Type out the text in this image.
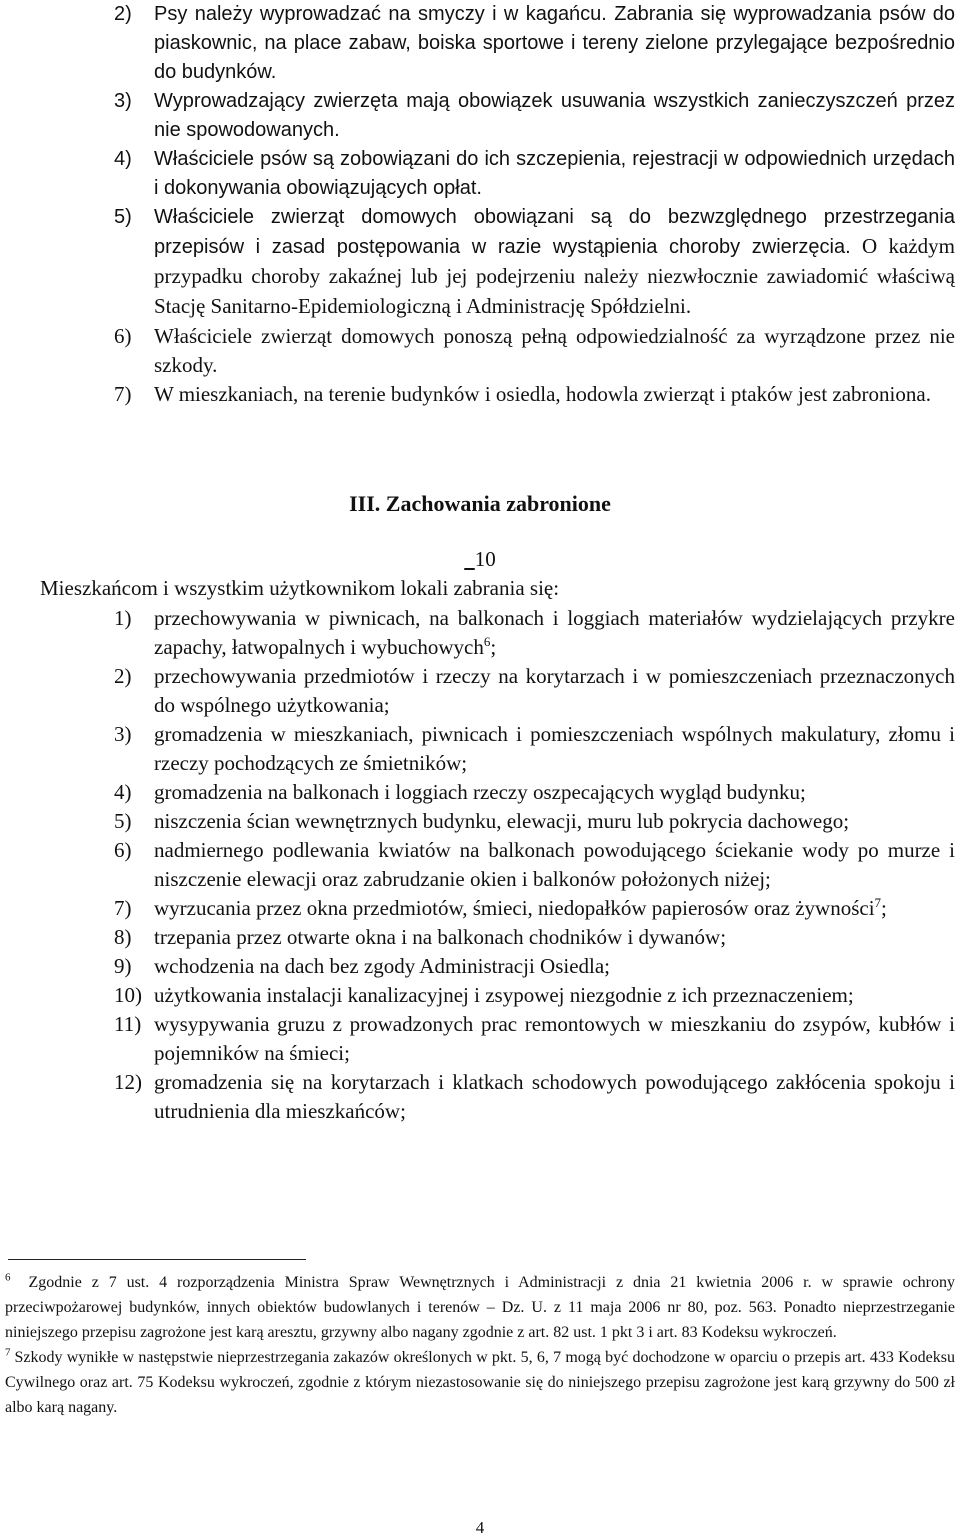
2) Psy należy wyprowadzać na smyczy i w kagańcu. Zabrania się wyprowadzania psów do piaskownic, na place zabaw, boiska sportowe i tereny zielone przylegające bezpośrednio do budynków.
3) Wyprowadzający zwierzęta mają obowiązek usuwania wszystkich zanieczyszczeń przez nie spowodowanych.
4) Właściciele psów są zobowiązani do ich szczepienia, rejestracji w odpowiednich urzędach i dokonywania obowiązujących opłat.
5) Właściciele zwierząt domowych obowiązani są do bezwzględnego przestrzegania przepisów i zasad postępowania w razie wystąpienia choroby zwierzęcia. O każdym przypadku choroby zakaźnej lub jej podejrzeniu należy niezwłocznie zawiadomić właściwą Stację Sanitarno-Epidemiologiczną i Administrację Spółdzielni.
6) Właściciele zwierząt domowych ponoszą pełną odpowiedzialność za wyrządzone przez nie szkody.
7) W mieszkaniach, na terenie budynków i osiedla, hodowla zwierząt i ptaków jest zabroniona.
III. Zachowania zabronione
10
Mieszkańcom i wszystkim użytkownikom lokali zabrania się:
1) przechowywania w piwnicach, na balkonach i loggiach materiałów wydzielających przykre zapachy, łatwopalnych i wybuchowych$^6$;
2) przechowywania przedmiotów i rzeczy na korytarzach i w pomieszczeniach przeznaczonych do wspólnego użytkowania;
3) gromadzenia w mieszkaniach, piwnicach i pomieszczeniach wspólnych makulatury, złomu i rzeczy pochodzących ze śmietników;
4) gromadzenia na balkonach i loggiach rzeczy oszpecających wygląd budynku;
5) niszczenia ścian wewnętrznych budynku, elewacji, muru lub pokrycia dachowego;
6) nadmiernego podlewania kwiatów na balkonach powodującego ściekanie wody po murze i niszczenie elewacji oraz zabrudzanie okien i balkonów położonych niżej;
7) wyrzucania przez okna przedmiotów, śmieci, niedopałków papierosów oraz żywności$^7$;
8) trzepania przez otwarte okna i na balkonach chodników i dywanów;
9) wchodzenia na dach bez zgody Administracji Osiedla;
10) użytkowania instalacji kanalizacyjnej i zsypowej niezgodnie z ich przeznaczeniem;
11) wysypywania gruzu z prowadzonych prac remontowych w mieszkaniu do zsypów, kubłów i pojemników na śmieci;
12) gromadzenia się na korytarzach i klatkach schodowych powodującego zakłócenia spokoju i utrudnienia dla mieszkańców;

$^6$ Zgodnie z 7 ust. 4 rozporządzenia Ministra Spraw Wewnętrznych i Administracji z dnia 21 kwietnia 2006 r. w sprawie ochrony przeciwpożarowej budynków, innych obiektów budowlanych i terenów – Dz. U. z 11 maja 2006 nr 80, poz. 563. Ponadto nieprzestrzeganie niniejszego przepisu zagrożone jest karą aresztu, grzywny albo nagany zgodnie z art. 82 ust. 1 pkt 3 i art. 83 Kodeksu wykroczeń.

$^7$ Szkody wynikłe w następstwie nieprzestrzegania zakazów określonych w pkt. 5, 6, 7 mogą być dochodzone w oparciu o przepis art. 433 Kodeksu Cywilnego oraz art. 75 Kodeksu wykroczeń, zgodnie z którym niezastosowanie się do niniejszego przepisu zagrożone jest karą grzywny do 500 zł albo karą nagany.

4
